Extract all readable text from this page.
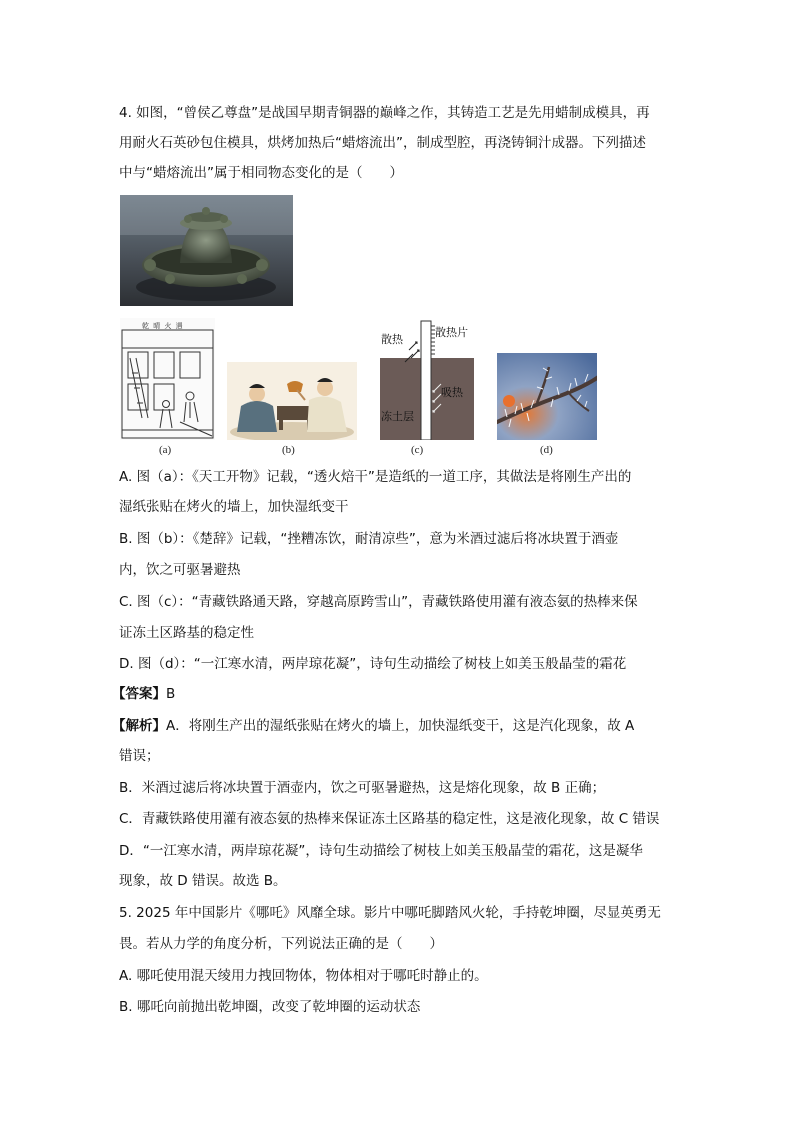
4. 如图，“曾侯乙尊盘”是战国早期青铜器的巅峰之作，其铸造工艺是先用蜡制成模具，再
用耐火石英砂包住模具，烘烤加热后“蜡熔流出”，制成型腔，再浇铸铜汁成器。下列描述
中与“蜡熔流出”属于相同物态变化的是（　　）
乾 晴 火 遇
(a)	(b)
散热
散热片
吸热
冻土层
(c)	(d)
A. 图（a）：《天工开物》记载，“透火焙干”是造纸的一道工序，其做法是将刚生产出的
湿纸张贴在烤火的墙上，加快湿纸变干
B. 图（b）：《楚辞》记载，“挫糟冻饮，耐清凉些”，意为米酒过滤后将冰块置于酒壶
内，饮之可驱暑避热
C. 图（c）：“青藏铁路通天路，穿越高原跨雪山”，青藏铁路使用灌有液态氨的热棒来保
证冻土区路基的稳定性
D. 图（d）：“一江寒水清，两岸琼花凝”，诗句生动描绘了树枝上如美玉般晶莹的霜花
【答案】B
【解析】A．将刚生产出的湿纸张贴在烤火的墙上，加快湿纸变干，这是汽化现象，故 A
错误；
B．米酒过滤后将冰块置于酒壶内，饮之可驱暑避热，这是熔化现象，故 B 正确；
C．青藏铁路使用灌有液态氨的热棒来保证冻土区路基的稳定性，这是液化现象，故 C 错误
D．“一江寒水清，两岸琼花凝”，诗句生动描绘了树枝上如美玉般晶莹的霜花，这是凝华
现象，故 D 错误。故选 B。
5. 2025 年中国影片《哪吒》风靡全球。影片中哪吒脚踏风火轮，手持乾坤圈，尽显英勇无
畏。若从力学的角度分析，下列说法正确的是（　　）
A. 哪吒使用混天绫用力拽回物体，物体相对于哪吒时静止的。
B. 哪吒向前抛出乾坤圈，改变了乾坤圈的运动状态
